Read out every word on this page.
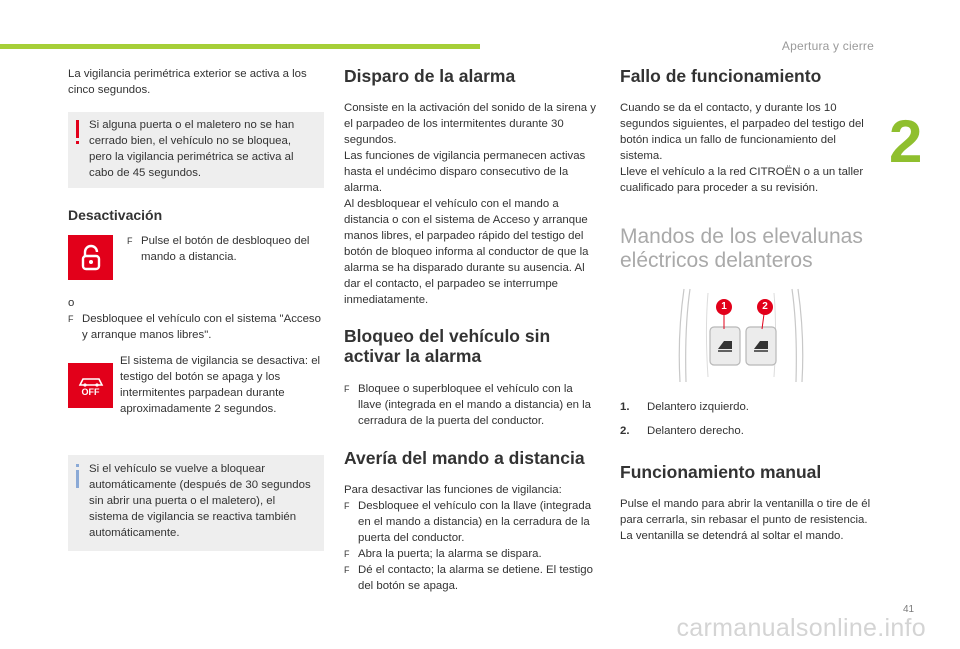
Apertura y cierre
2
41
carmanualsonline.info

La vigilancia perimétrica exterior se activa a los cinco segundos.

Si alguna puerta o el maletero no se han cerrado bien, el vehículo no se bloquea, pero la vigilancia perimétrica se activa al cabo de 45 segundos.

Desactivación

F Pulse el botón de desbloqueo del mando a distancia.

o

F Desbloquee el vehículo con el sistema "Acceso y arranque manos libres".
OFF

El sistema de vigilancia se desactiva: el testigo del botón se apaga y los intermitentes parpadean durante aproximadamente 2 segundos.

Si el vehículo se vuelve a bloquear automáticamente (después de 30 segundos sin abrir una puerta o el maletero), el sistema de vigilancia se reactiva también automáticamente.

Disparo de la alarma

Consiste en la activación del sonido de la sirena y el parpadeo de los intermitentes durante 30 segundos.

Las funciones de vigilancia permanecen activas hasta el undécimo disparo consecutivo de la alarma.

Al desbloquear el vehículo con el mando a distancia o con el sistema de Acceso y arranque manos libres, el parpadeo rápido del testigo del botón de bloqueo informa al conductor de que la alarma se ha disparado durante su ausencia. Al dar el contacto, el parpadeo se interrumpe inmediatamente.

Bloqueo del vehículo sin activar la alarma

F Bloquee o superbloquee el vehículo con la llave (integrada en el mando a distancia) en la cerradura de la puerta del conductor.

Avería del mando a distancia

Para desactivar las funciones de vigilancia:

F Desbloquee el vehículo con la llave (integrada en el mando a distancia) en la cerradura de la puerta del conductor.
F Abra la puerta; la alarma se dispara.
F Dé el contacto; la alarma se detiene. El testigo del botón se apaga.

Fallo de funcionamiento

Cuando se da el contacto, y durante los 10 segundos siguientes, el parpadeo del testigo del botón indica un fallo de funcionamiento del sistema.

Lleve el vehículo a la red CITROËN o a un taller cualificado para proceder a su revisión.

Mandos de los elevalunas eléctricos delanteros

1	2
1.	Delantero izquierdo.
2.	Delantero derecho.

Funcionamiento manual

Pulse el mando para abrir la ventanilla o tire de él para cerrarla, sin rebasar el punto de resistencia. La ventanilla se detendrá al soltar el mando.
